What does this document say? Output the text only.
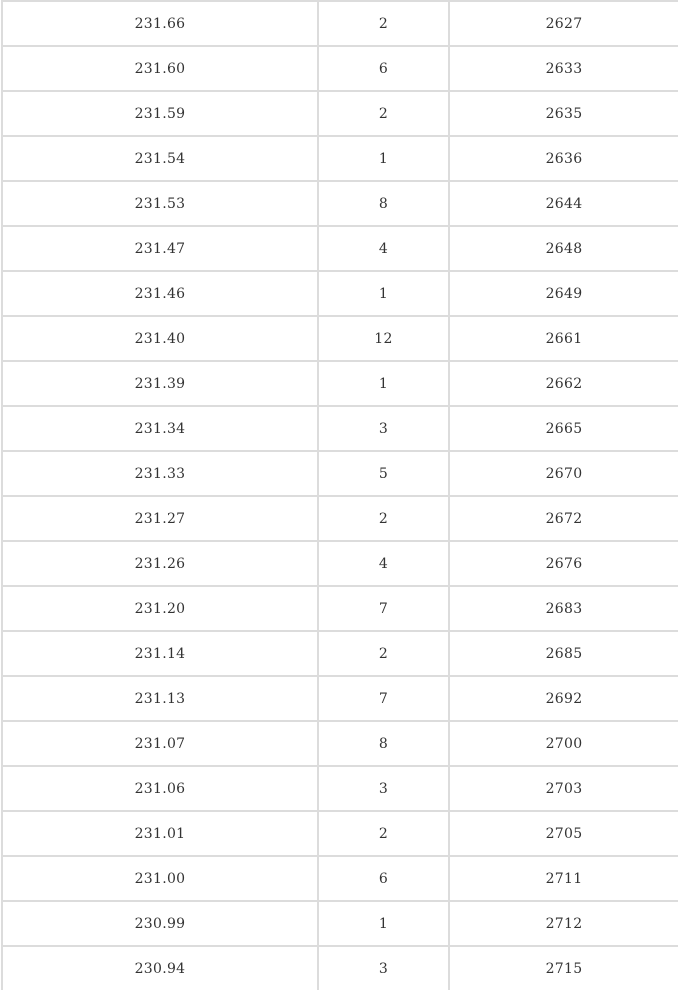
231.66	2	2627
231.60	6	2633
231.59	2	2635
231.54	1	2636
231.53	8	2644
231.47	4	2648
231.46	1	2649
231.40	12	2661
231.39	1	2662
231.34	3	2665
231.33	5	2670
231.27	2	2672
231.26	4	2676
231.20	7	2683
231.14	2	2685
231.13	7	2692
231.07	8	2700
231.06	3	2703
231.01	2	2705
231.00	6	2711
230.99	1	2712
230.94	3	2715
